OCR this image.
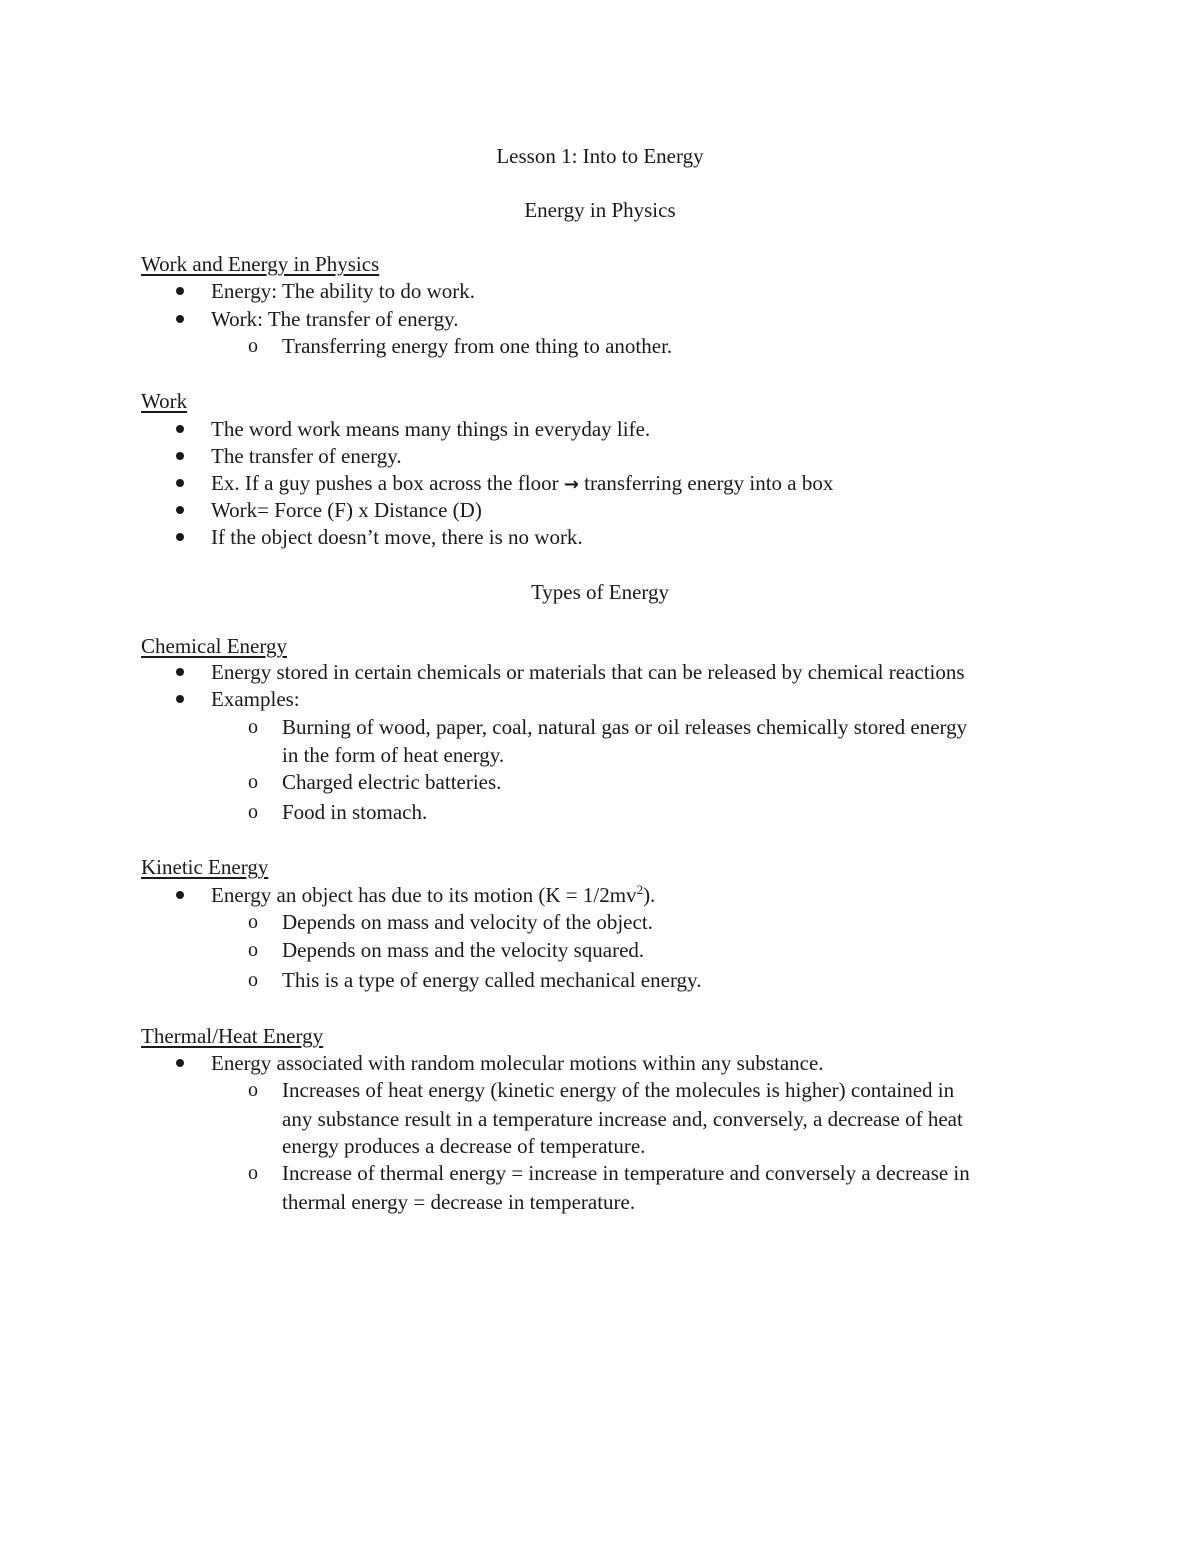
Lesson 1: Into to Energy
Energy in Physics
Work and Energy in Physics
Energy: The ability to do work.
Work: The transfer of energy.
o Transferring energy from one thing to another.
Work
The word work means many things in everyday life.
The transfer of energy.
Ex. If a guy pushes a box across the floor → transferring energy into a box
Work= Force (F) x Distance (D)
If the object doesn’t move, there is no work.
Types of Energy
Chemical Energy
Energy stored in certain chemicals or materials that can be released by chemical reactions
Examples:
o Burning of wood, paper, coal, natural gas or oil releases chemically stored energy
in the form of heat energy.
o Charged electric batteries.
o Food in stomach.
Kinetic Energy
Energy an object has due to its motion $(K = 1/2mv^2)$.
o Depends on mass and velocity of the object.
o Depends on mass and the velocity squared.
o This is a type of energy called mechanical energy.
Thermal/Heat Energy
Energy associated with random molecular motions within any substance.
o Increases of heat energy (kinetic energy of the molecules is higher) contained in
any substance result in a temperature increase and, conversely, a decrease of heat
energy produces a decrease of temperature.
o Increase of thermal energy = increase in temperature and conversely a decrease in
thermal energy = decrease in temperature.
